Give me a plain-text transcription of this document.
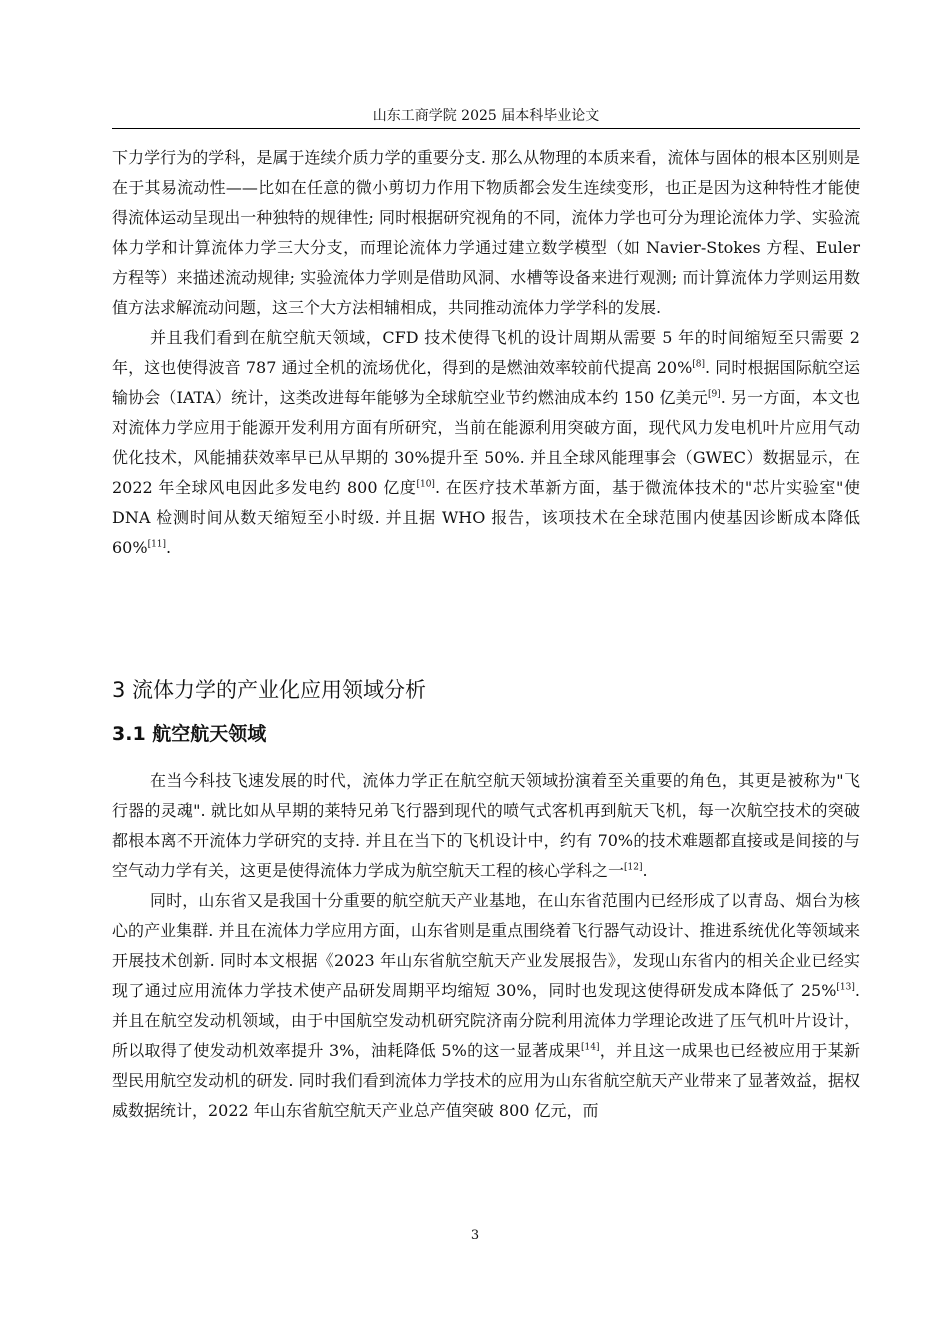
山东工商学院 2025 届本科毕业论文

下力学行为的学科，是属于连续介质力学的重要分支. 那么从物理的本质来看，流体与固体的根本区别则是在于其易流动性——比如在任意的微小剪切力作用下物质都会发生连续变形，也正是因为这种特性才能使得流体运动呈现出一种独特的规律性; 同时根据研究视角的不同，流体力学也可分为理论流体力学、实验流体力学和计算流体力学三大分支，而理论流体力学通过建立数学模型（如 Navier-Stokes 方程、Euler 方程等）来描述流动规律; 实验流体力学则是借助风洞、水槽等设备来进行观测; 而计算流体力学则运用数值方法求解流动问题，这三个大方法相辅相成，共同推动流体力学学科的发展.

并且我们看到在航空航天领域，CFD 技术使得飞机的设计周期从需要 5 年的时间缩短至只需要 2 年，这也使得波音 787 通过全机的流场优化，得到的是燃油效率较前代提高 20%[8]. 同时根据国际航空运输协会（IATA）统计，这类改进每年能够为全球航空业节约燃油成本约 150 亿美元[9]. 另一方面，本文也对流体力学应用于能源开发利用方面有所研究，当前在能源利用突破方面，现代风力发电机叶片应用气动优化技术，风能捕获效率早已从早期的 30%提升至 50%. 并且全球风能理事会（GWEC）数据显示，在 2022 年全球风电因此多发电约 800 亿度[10]. 在医疗技术革新方面，基于微流体技术的"芯片实验室"使 DNA 检测时间从数天缩短至小时级. 并且据 WHO 报告，该项技术在全球范围内使基因诊断成本降低 60%[11].

3 流体力学的产业化应用领域分析
3.1 航空航天领域

在当今科技飞速发展的时代，流体力学正在航空航天领域扮演着至关重要的角色，其更是被称为"飞行器的灵魂". 就比如从早期的莱特兄弟飞行器到现代的喷气式客机再到航天飞机，每一次航空技术的突破都根本离不开流体力学研究的支持. 并且在当下的飞机设计中，约有 70%的技术难题都直接或是间接的与空气动力学有关，这更是使得流体力学成为航空航天工程的核心学科之一[12].

同时，山东省又是我国十分重要的航空航天产业基地，在山东省范围内已经形成了以青岛、烟台为核心的产业集群. 并且在流体力学应用方面，山东省则是重点围绕着飞行器气动设计、推进系统优化等领域来开展技术创新. 同时本文根据《2023 年山东省航空航天产业发展报告》，发现山东省内的相关企业已经实现了通过应用流体力学技术使产品研发周期平均缩短 30%，同时也发现这使得研发成本降低了 25%[13]. 并且在航空发动机领域，由于中国航空发动机研究院济南分院利用流体力学理论改进了压气机叶片设计，所以取得了使发动机效率提升 3%，油耗降低 5%的这一显著成果[14]，并且这一成果也已经被应用于某新型民用航空发动机的研发. 同时我们看到流体力学技术的应用为山东省航空航天产业带来了显著效益，据权威数据统计，2022 年山东省航空航天产业总产值突破 800 亿元，而

3
